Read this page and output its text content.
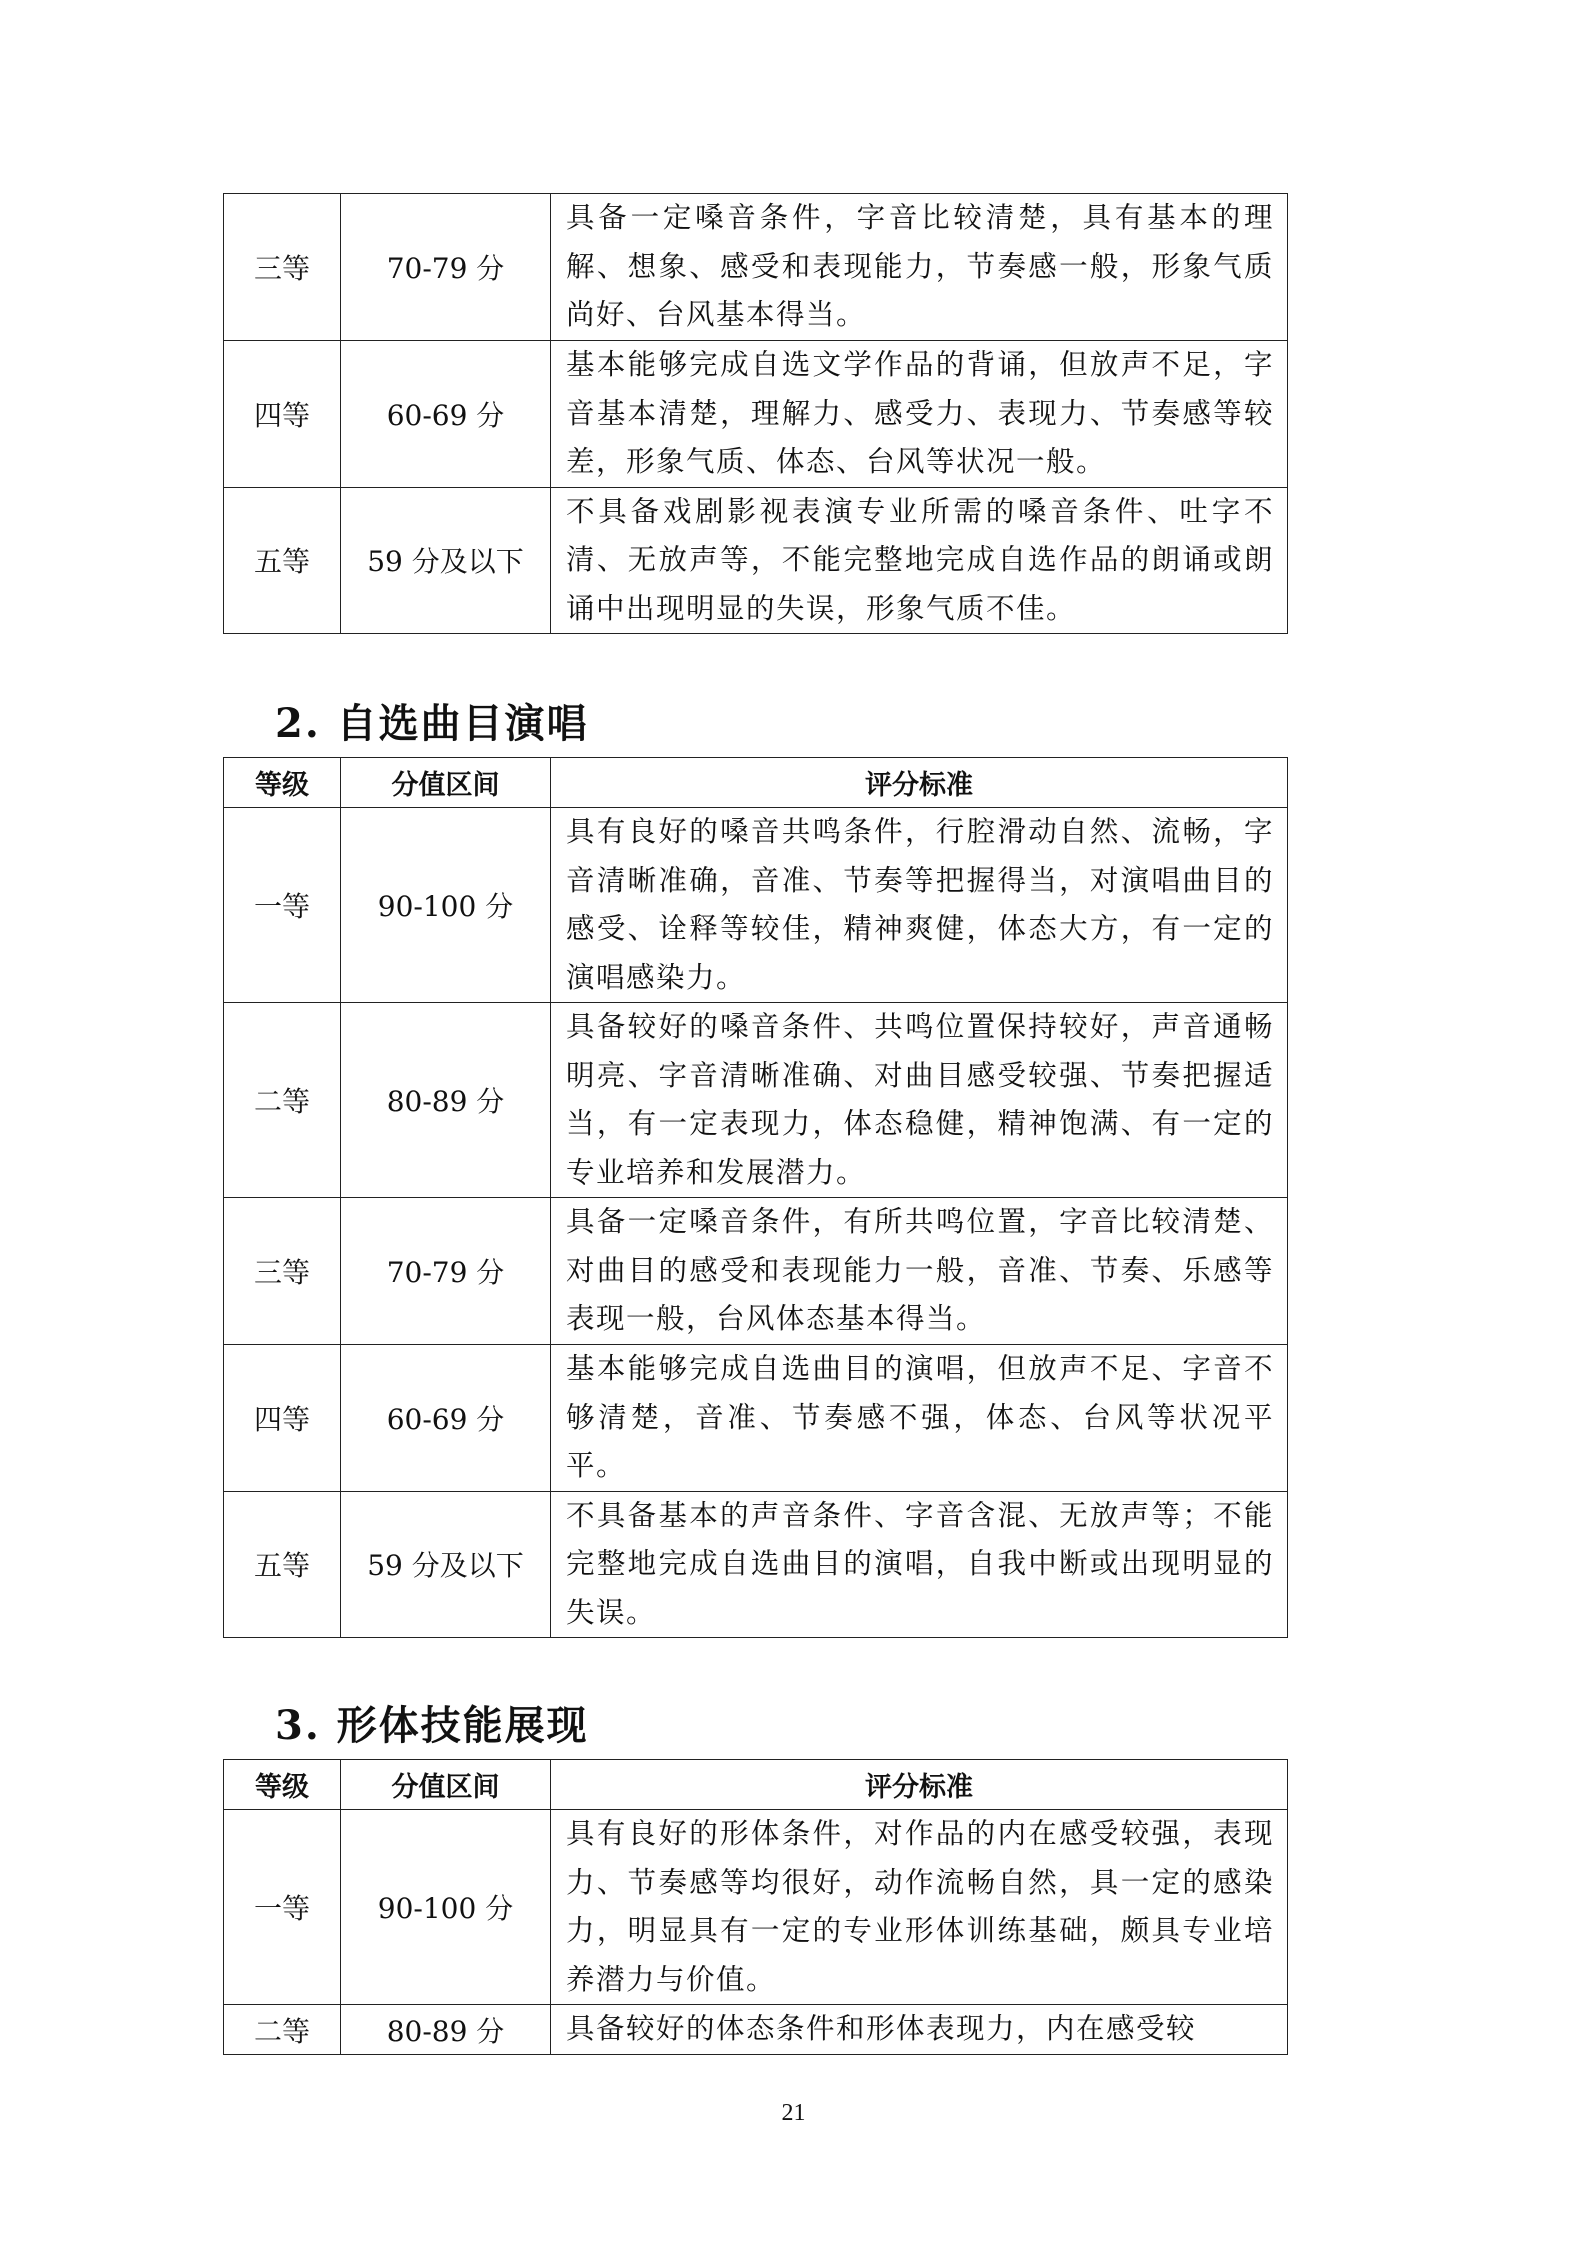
三等	70-79 分	具备一定嗓音条件，字音比较清楚，具有基本的理解、想象、感受和表现能力，节奏感一般，形象气质尚好、台风基本得当。
四等	60-69 分	基本能够完成自选文学作品的背诵，但放声不足，字音基本清楚，理解力、感受力、表现力、节奏感等较差，形象气质、体态、台风等状况一般。
五等	59 分及以下	不具备戏剧影视表演专业所需的嗓音条件、吐字不清、无放声等，不能完整地完成自选作品的朗诵或朗诵中出现明显的失误，形象气质不佳。
2. 自选曲目演唱
等级	分值区间	评分标准
一等	90-100 分	具有良好的嗓音共鸣条件，行腔滑动自然、流畅，字音清晰准确，音准、节奏等把握得当，对演唱曲目的感受、诠释等较佳，精神爽健，体态大方，有一定的演唱感染力。
二等	80-89 分	具备较好的嗓音条件、共鸣位置保持较好，声音通畅明亮、字音清晰准确、对曲目感受较强、节奏把握适当，有一定表现力，体态稳健，精神饱满、有一定的专业培养和发展潜力。
三等	70-79 分	具备一定嗓音条件，有所共鸣位置，字音比较清楚、对曲目的感受和表现能力一般，音准、节奏、乐感等表现一般，台风体态基本得当。
四等	60-69 分	基本能够完成自选曲目的演唱，但放声不足、字音不够清楚，音准、节奏感不强，体态、台风等状况平平。
五等	59 分及以下	不具备基本的声音条件、字音含混、无放声等；不能完整地完成自选曲目的演唱，自我中断或出现明显的失误。
3. 形体技能展现
等级	分值区间	评分标准
一等	90-100 分	具有良好的形体条件，对作品的内在感受较强，表现力、节奏感等均很好，动作流畅自然，具一定的感染力，明显具有一定的专业形体训练基础，颇具专业培养潜力与价值。
二等	80-89 分	具备较好的体态条件和形体表现力，内在感受较
21
